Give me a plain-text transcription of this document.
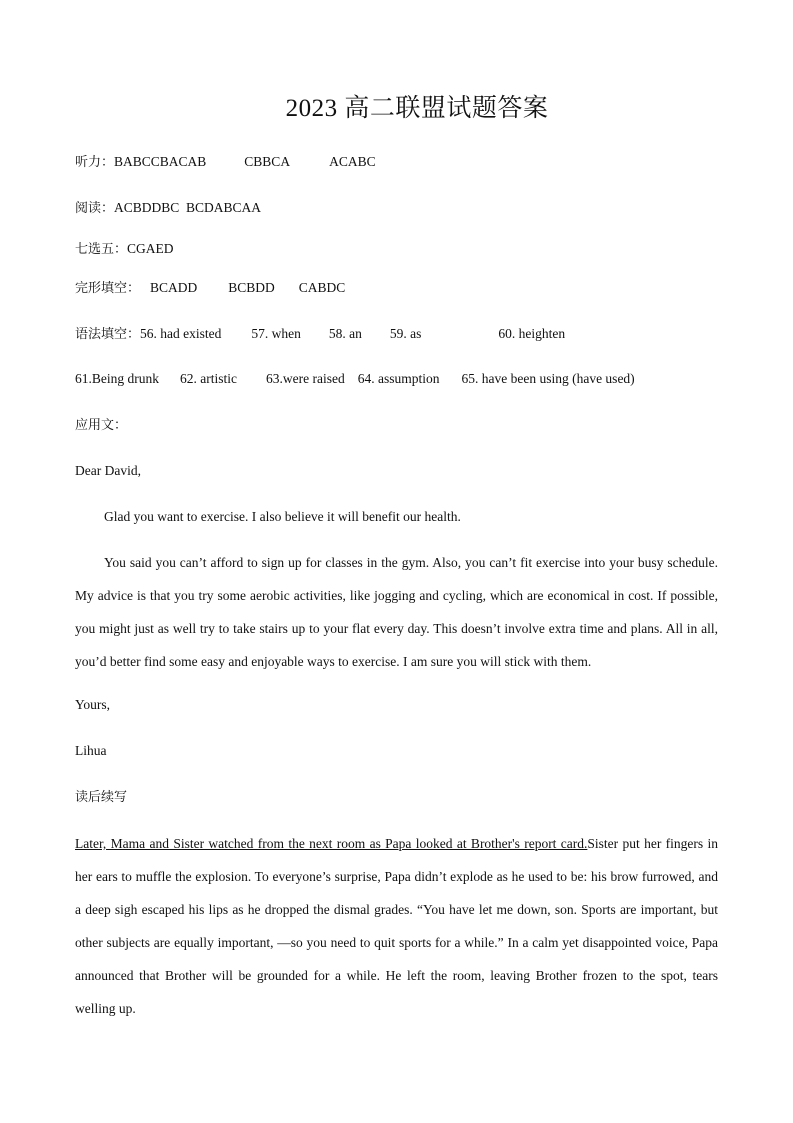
2023 高二联盟试题答案
听力：BABCCBACAB	CBBCA	ACABC
阅读：ACBDDBC  BCDABCAA
七选五：CGAED
完形填空： BCADD BCBDD CABDC
语法填空：56. had existed 57. when 58. an 59. as	60. heighten
61.Being drunk 62. artistic 63.were raised 64. assumption 65. have been using (have used)
应用文：
Dear David,
Glad you want to exercise. I also believe it will benefit our health.
You said you can’t afford to sign up for classes in the gym. Also, you can’t fit exercise into your busy schedule. My advice is that you try some aerobic activities, like jogging and cycling, which are economical in cost. If possible, you might just as well try to take stairs up to your flat every day. This doesn’t involve extra time and plans. All in all, you’d better find some easy and enjoyable ways to exercise. I am sure you will stick with them.
Yours,
Lihua
读后续写
Later, Mama and Sister watched from the next room as Papa looked at Brother's report card.Sister put her fingers in her ears to muffle the explosion. To everyone’s surprise, Papa didn’t explode as he used to be: his brow furrowed, and a deep sigh escaped his lips as he dropped the dismal grades. “You have let me down, son. Sports are important, but other subjects are equally important, —so you need to quit sports for a while.” In a calm yet disappointed voice, Papa announced that Brother will be grounded for a while. He left the room, leaving Brother frozen to the spot, tears welling up.
